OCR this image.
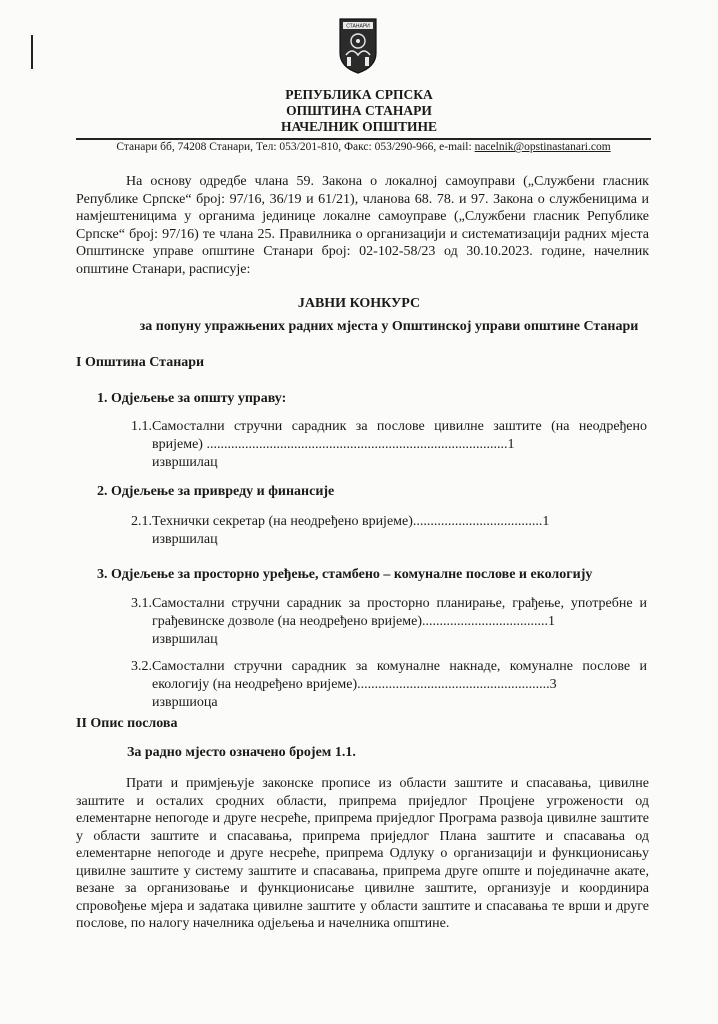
СТАНАРИ
РЕПУБЛИКА СРПСКА
ОПШТИНА СТАНАРИ
НАЧЕЛНИК ОПШТИНЕ
Станари бб, 74208 Станари, Тел: 053/201-810, Факс: 053/290-966, e-mail: nacelnik@opstinastanari.com
На основу одредбе члана 59. Закона о локалној самоуправи („Службени гласник Републике Српске“ број: 97/16, 36/19 и 61/21), чланова 68. 78. и 97. Закона о службеницима и намјештеницима у органима јединице локалне самоуправе („Службени гласник Републике Српске“ број: 97/16) те члана 25. Правилника о организацији и систематизацији радних мјеста Општинске управе општине Станари број: 02-102-58/23 од 30.10.2023. године, начелник општине Станари, расписује:
ЈАВНИ КОНКУРС
за попуну упражњених радних мјеста у Општинској управи општине Станари
I Општина Станари
1. Одјељење за општу управу:
1.1. Самостални стручни сарадник за послове цивилне заштите (на неодређено вријеме) ......................................................................................1
извршилац
2. Одјељење за привреду и финансије
2.1. Технички секретар (на неодређено вријеме).....................................1
извршилац
3. Одјељење за просторно уређење, стамбено – комуналне послове и екологију
3.1. Самостални стручни сарадник за просторно планирање, грађење, употребне и грађевинске дозволе (на неодређено вријеме)....................................1
извршилац
3.2. Самостални стручни сарадник за комуналне накнаде, комуналне послове и екологију (на неодређено вријеме).......................................................3
извршиоца
II Опис послова
За радно мјесто означено бројем 1.1.
Прати и примјењује законске прописе из области заштите и спасавања, цивилне заштите и осталих сродних области, припрема приједлог Процјене угрожености од елементарне непогоде и друге несреће, припрема приједлог Програма развоја цивилне заштите у области заштите и спасавања, припрема приједлог Плана заштите и спасавања од елементарне непогоде и друге несреће, припрема Одлуку о организацији и функционисању цивилне заштите у систему заштите и спасавања, припрема друге опште и појединачне акате, везане за организовање и функционисање цивилне заштите, организује и координира спровођење мјера и задатака цивилне заштите у области заштите и спасавања те врши и друге послове, по налогу начелника одјељења и начелника општине.
